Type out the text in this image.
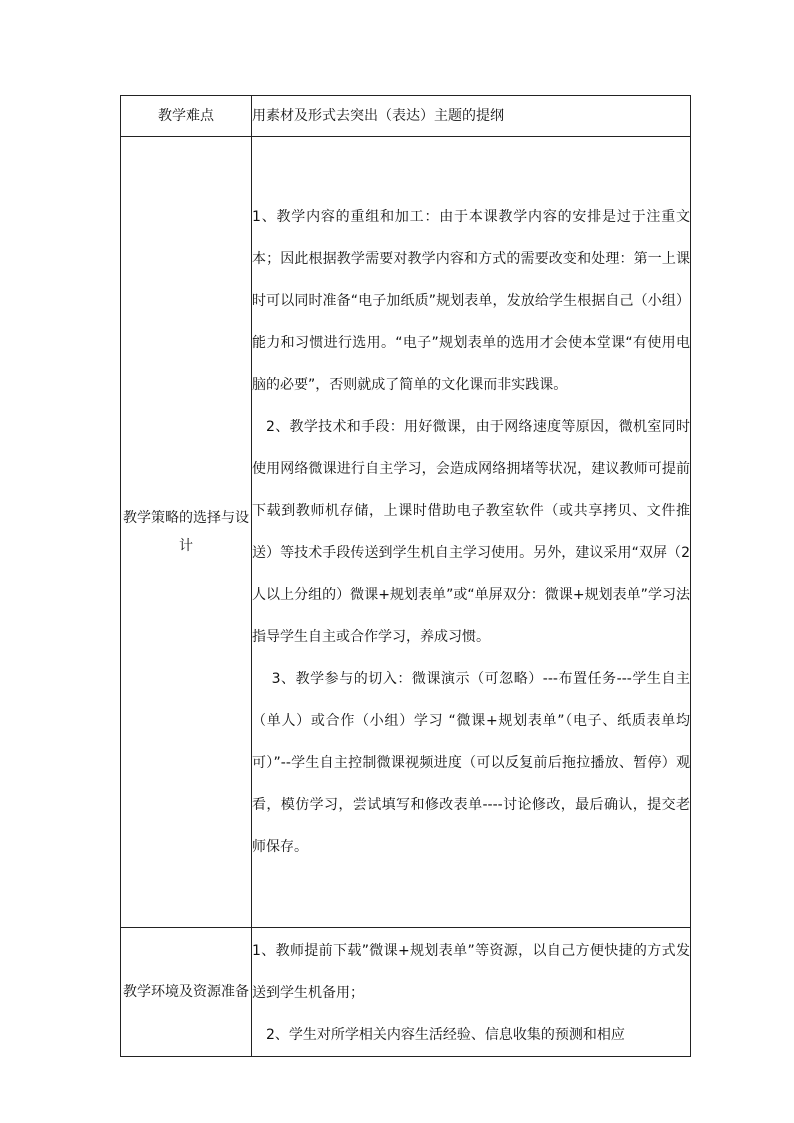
教学难点	用素材及形式去突出（表达）主题的提纲

教学策略的选择与设计	1、教学内容的重组和加工：由于本课教学内容的安排是过于注重文本；因此根据教学需要对教学内容和方式的需要改变和处理：第一上课时可以同时准备“电子加纸质”规划表单，发放给学生根据自己（小组）能力和习惯进行选用。“电子”规划表单的选用才会使本堂课“有使用电脑的必要”，否则就成了简单的文化课而非实践课。

2、教学技术和手段：用好微课，由于网络速度等原因，微机室同时使用网络微课进行自主学习，会造成网络拥堵等状况，建议教师可提前下载到教师机存储，上课时借助电子教室软件（或共享拷贝、文件推送）等技术手段传送到学生机自主学习使用。另外，建议采用“双屏（2人以上分组的）微课+规划表单”或“单屏双分：微课+规划表单”学习法指导学生自主或合作学习，养成习惯。

3、教学参与的切入：微课演示（可忽略）---布置任务---学生自主（单人）或合作（小组）学习 “微课+规划表单”（电子、纸质表单均可）”--学生自主控制微课视频进度（可以反复前后拖拉播放、暂停）观看，模仿学习，尝试填写和修改表单----讨论修改，最后确认，提交老师保存。

教学环境及资源准备	1、教师提前下载”微课+规划表单”等资源，以自己方便快捷的方式发送到学生机备用；

2、学生对所学相关内容生活经验、信息收集的预测和相应
